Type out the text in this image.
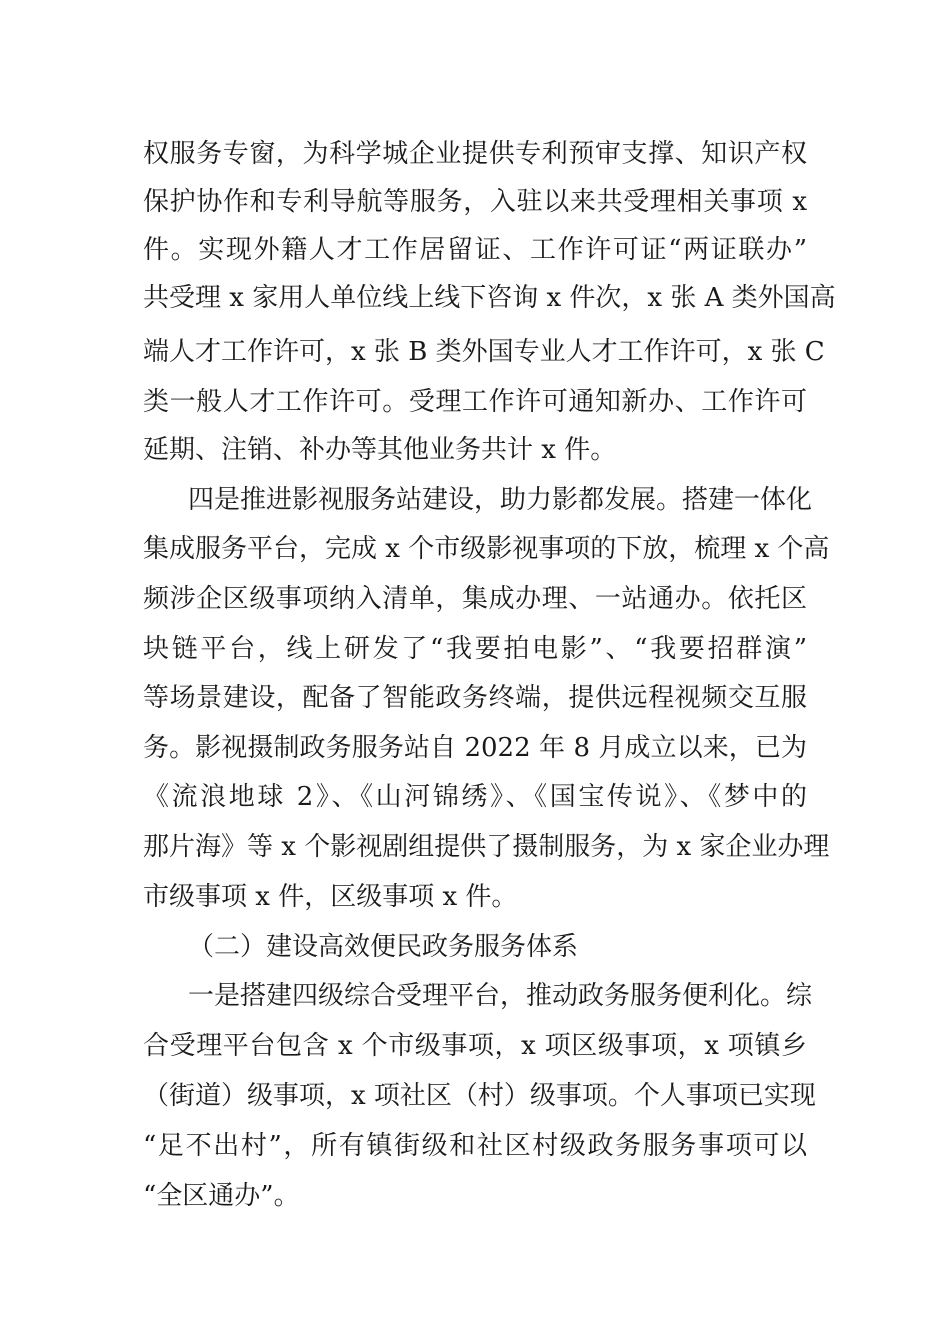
权服务专窗，为科学城企业提供专利预审支撑、知识产权
保护协作和专利导航等服务，入驻以来共受理相关事项 x
件。实现外籍人才工作居留证、工作许可证“两证联办”
共受理 x 家用人单位线上线下咨询 x 件次，x 张 A 类外国高
端人才工作许可，x 张 B 类外国专业人才工作许可，x 张 C
类一般人才工作许可。受理工作许可通知新办、工作许可
延期、注销、补办等其他业务共计 x 件。
四是推进影视服务站建设，助力影都发展。搭建一体化
集成服务平台，完成 x 个市级影视事项的下放，梳理 x 个高
频涉企区级事项纳入清单，集成办理、一站通办。依托区
块链平台，线上研发了“我要拍电影”、“我要招群演”
等场景建设，配备了智能政务终端，提供远程视频交互服
务。影视摄制政务服务站自 2022 年 8 月成立以来，已为
《流浪地球 2》、《山河锦绣》、《国宝传说》、《梦中的
那片海》等 x 个影视剧组提供了摄制服务，为 x 家企业办理
市级事项 x 件，区级事项 x 件。
（二）建设高效便民政务服务体系
一是搭建四级综合受理平台，推动政务服务便利化。综
合受理平台包含 x 个市级事项，x 项区级事项，x 项镇乡
（街道）级事项，x 项社区（村）级事项。个人事项已实现
“足不出村”，所有镇街级和社区村级政务服务事项可以
“全区通办”。
